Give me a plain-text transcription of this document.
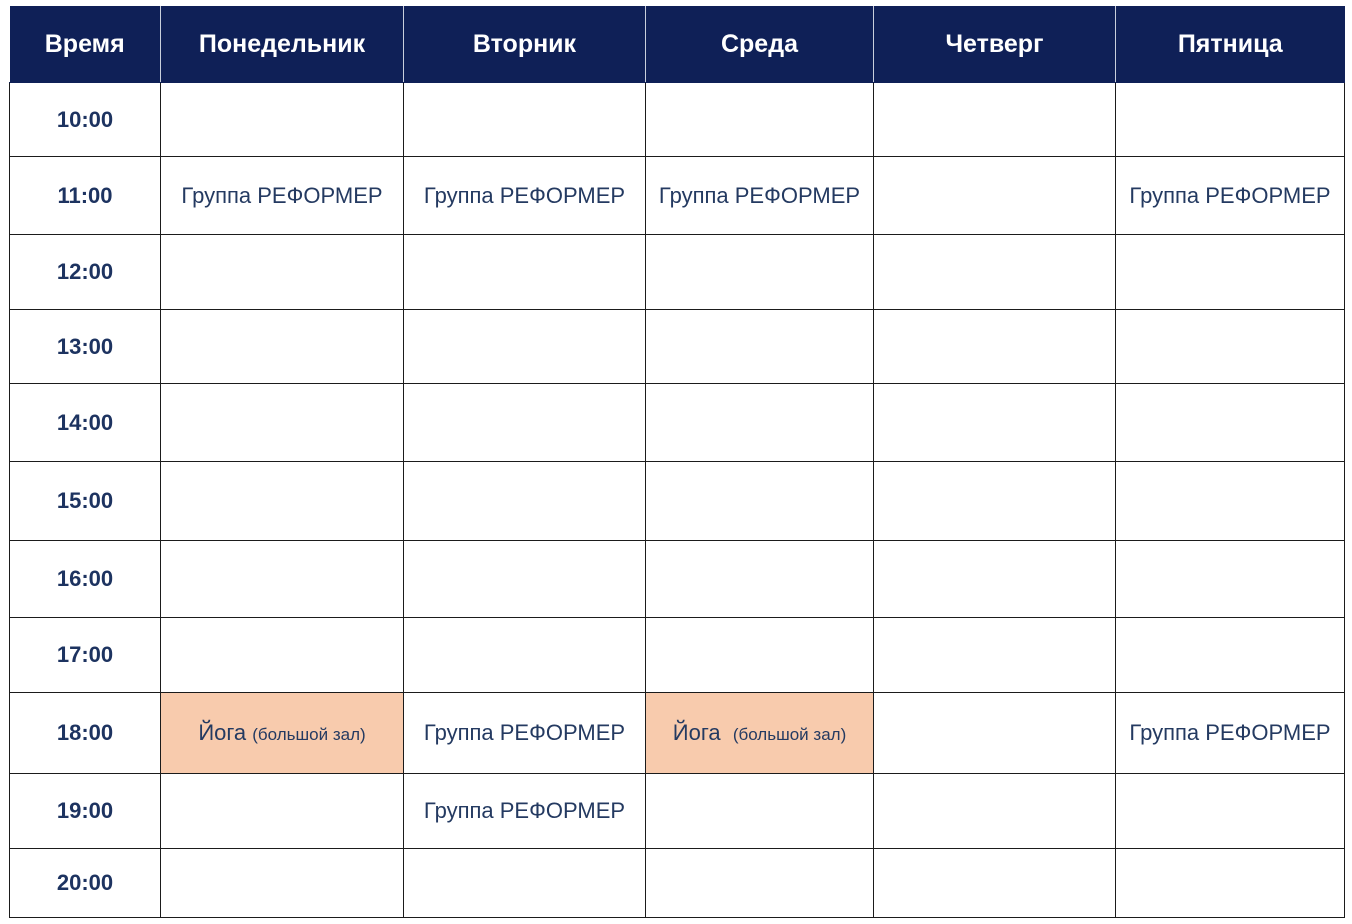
Время	Понедельник	Вторник	Среда	Четверг	Пятница
10:00					
11:00	Группа РЕФОРМЕР	Группа РЕФОРМЕР	Группа РЕФОРМЕР		Группа РЕФОРМЕР
12:00					
13:00					
14:00					
15:00					
16:00					
17:00					
18:00	Йога (большой зал)	Группа РЕФОРМЕР	Йога (большой зал)		Группа РЕФОРМЕР
19:00		Группа РЕФОРМЕР			
20:00					
